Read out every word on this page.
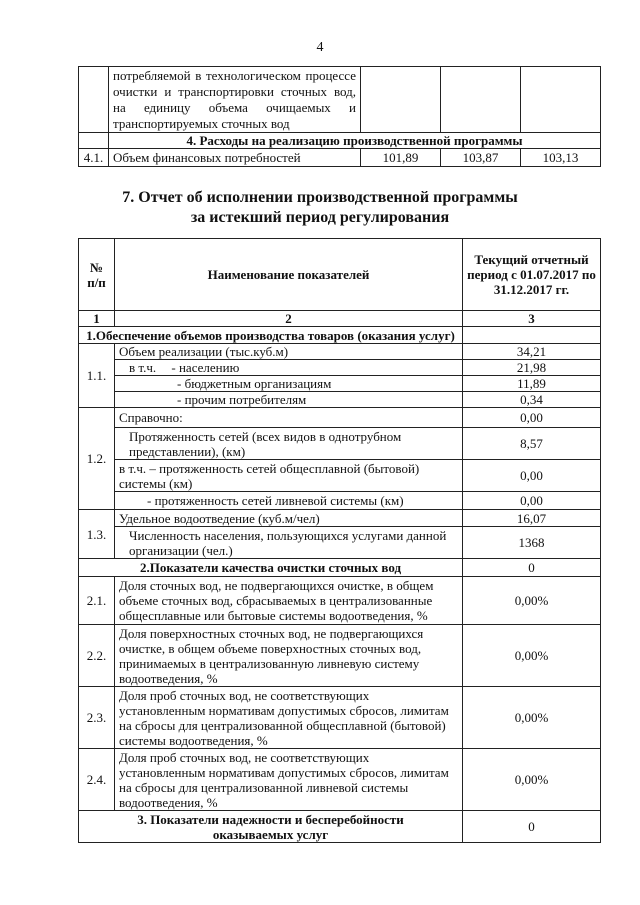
4
	потребляемой в технологическом процессе очистки и транспортировки сточных вод, на единицу объема очищаемых и транспортируемых сточных вод			
	4. Расходы на реализацию производственной программы			
4.1.	Объем финансовых потребностей	101,89	103,87	103,13
7. Отчет об исполнении производственной программы
за истекший период регулирования
№ п/п	Наименование показателей	Текущий отчетный период с 01.07.2017 по 31.12.2017 гг.
1	2	3
1.Обеспечение объемов производства товаров (оказания услуг)		
1.1.	Объем реализации (тыс.куб.м)	34,21
	в т.ч. - населению	21,98
	- бюджетным организациям	11,89
	- прочим потребителям	0,34
1.2.	Справочно:	0,00
	Протяженность сетей (всех видов в однотрубном представлении), (км)	8,57
	в т.ч. – протяженность сетей общесплавной (бытовой) системы (км)	0,00
	- протяженность сетей ливневой системы (км)	0,00
1.3.	Удельное водоотведение (куб.м/чел)	16,07
	Численность населения, пользующихся услугами данной организации (чел.)	1368
2.Показатели качества очистки сточных вод		0
2.1.	Доля сточных вод, не подвергающихся очистке, в общем объеме сточных вод, сбрасываемых в централизованные общесплавные или бытовые системы водоотведения, %	0,00%
2.2.	Доля поверхностных сточных вод, не подвергающихся очистке, в общем объеме поверхностных сточных вод, принимаемых в централизованную ливневую систему водоотведения, %	0,00%
2.3.	Доля проб сточных вод, не соответствующих установленным нормативам допустимых сбросов, лимитам на сбросы для централизованной общесплавной (бытовой) системы водоотведения, %	0,00%
2.4.	Доля проб сточных вод, не соответствующих установленным нормативам допустимых сбросов, лимитам на сбросы для централизованной ливневой системы водоотведения, %	0,00%
3. Показатели надежности и бесперебойности оказываемых услуг		0
